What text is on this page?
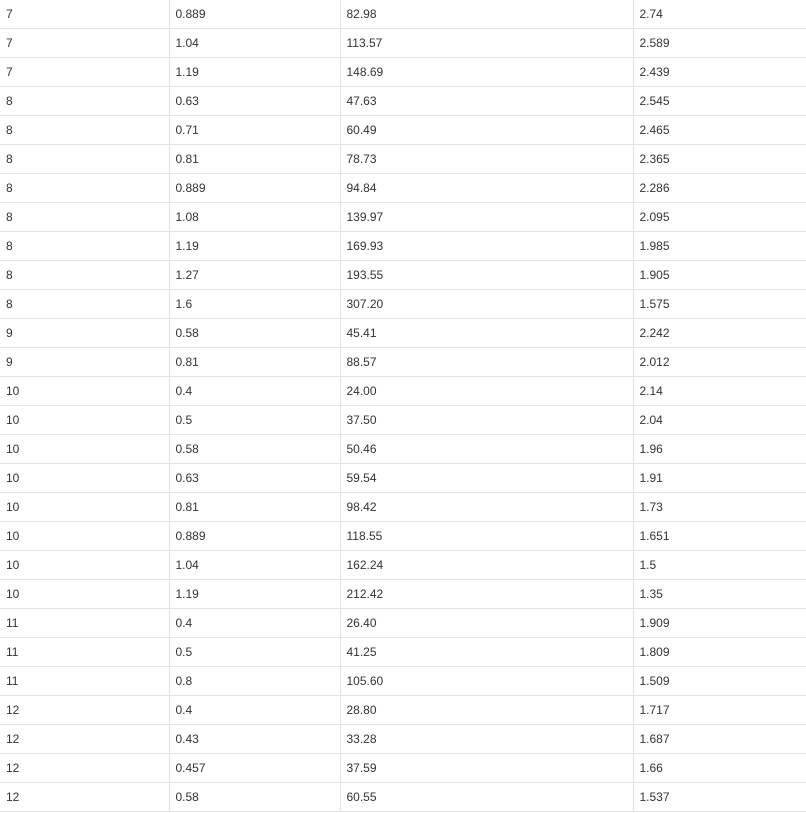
7	0.889	82.98	2.74
7	1.04	113.57	2.589
7	1.19	148.69	2.439
8	0.63	47.63	2.545
8	0.71	60.49	2.465
8	0.81	78.73	2.365
8	0.889	94.84	2.286
8	1.08	139.97	2.095
8	1.19	169.93	1.985
8	1.27	193.55	1.905
8	1.6	307.20	1.575
9	0.58	45.41	2.242
9	0.81	88.57	2.012
10	0.4	24.00	2.14
10	0.5	37.50	2.04
10	0.58	50.46	1.96
10	0.63	59.54	1.91
10	0.81	98.42	1.73
10	0.889	118.55	1.651
10	1.04	162.24	1.5
10	1.19	212.42	1.35
11	0.4	26.40	1.909
11	0.5	41.25	1.809
11	0.8	105.60	1.509
12	0.4	28.80	1.717
12	0.43	33.28	1.687
12	0.457	37.59	1.66
12	0.58	60.55	1.537
